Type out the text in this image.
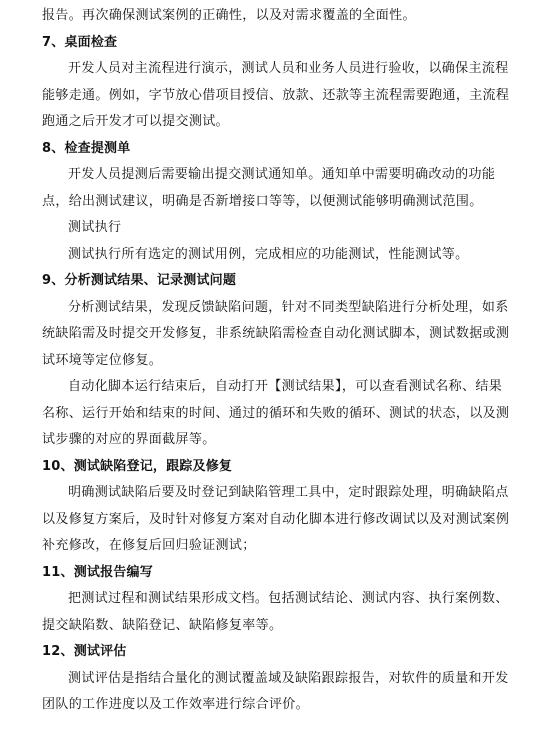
报告。再次确保测试案例的正确性，以及对需求覆盖的全面性。
7、桌面检查
开发人员对主流程进行演示，测试人员和业务人员进行验收，以确保主流程
能够走通。例如，字节放心借项目授信、放款、还款等主流程需要跑通，主流程
跑通之后开发才可以提交测试。
8、检查提测单
开发人员提测后需要输出提交测试通知单。通知单中需要明确改动的功能
点，给出测试建议，明确是否新增接口等等，以便测试能够明确测试范围。
测试执行
测试执行所有选定的测试用例，完成相应的功能测试，性能测试等。
9、分析测试结果、记录测试问题
分析测试结果，发现反馈缺陷问题，针对不同类型缺陷进行分析处理，如系
统缺陷需及时提交开发修复，非系统缺陷需检查自动化测试脚本，测试数据或测
试环境等定位修复。
自动化脚本运行结束后，自动打开【测试结果】，可以查看测试名称、结果
名称、运行开始和结束的时间、通过的循环和失败的循环、测试的状态，以及测
试步骤的对应的界面截屏等。
10、测试缺陷登记，跟踪及修复
明确测试缺陷后要及时登记到缺陷管理工具中，定时跟踪处理，明确缺陷点
以及修复方案后，及时针对修复方案对自动化脚本进行修改调试以及对测试案例
补充修改，在修复后回归验证测试；
11、测试报告编写
把测试过程和测试结果形成文档。包括测试结论、测试内容、执行案例数、
提交缺陷数、缺陷登记、缺陷修复率等。
12、测试评估
测试评估是指结合量化的测试覆盖域及缺陷跟踪报告，对软件的质量和开发
团队的工作进度以及工作效率进行综合评价。
